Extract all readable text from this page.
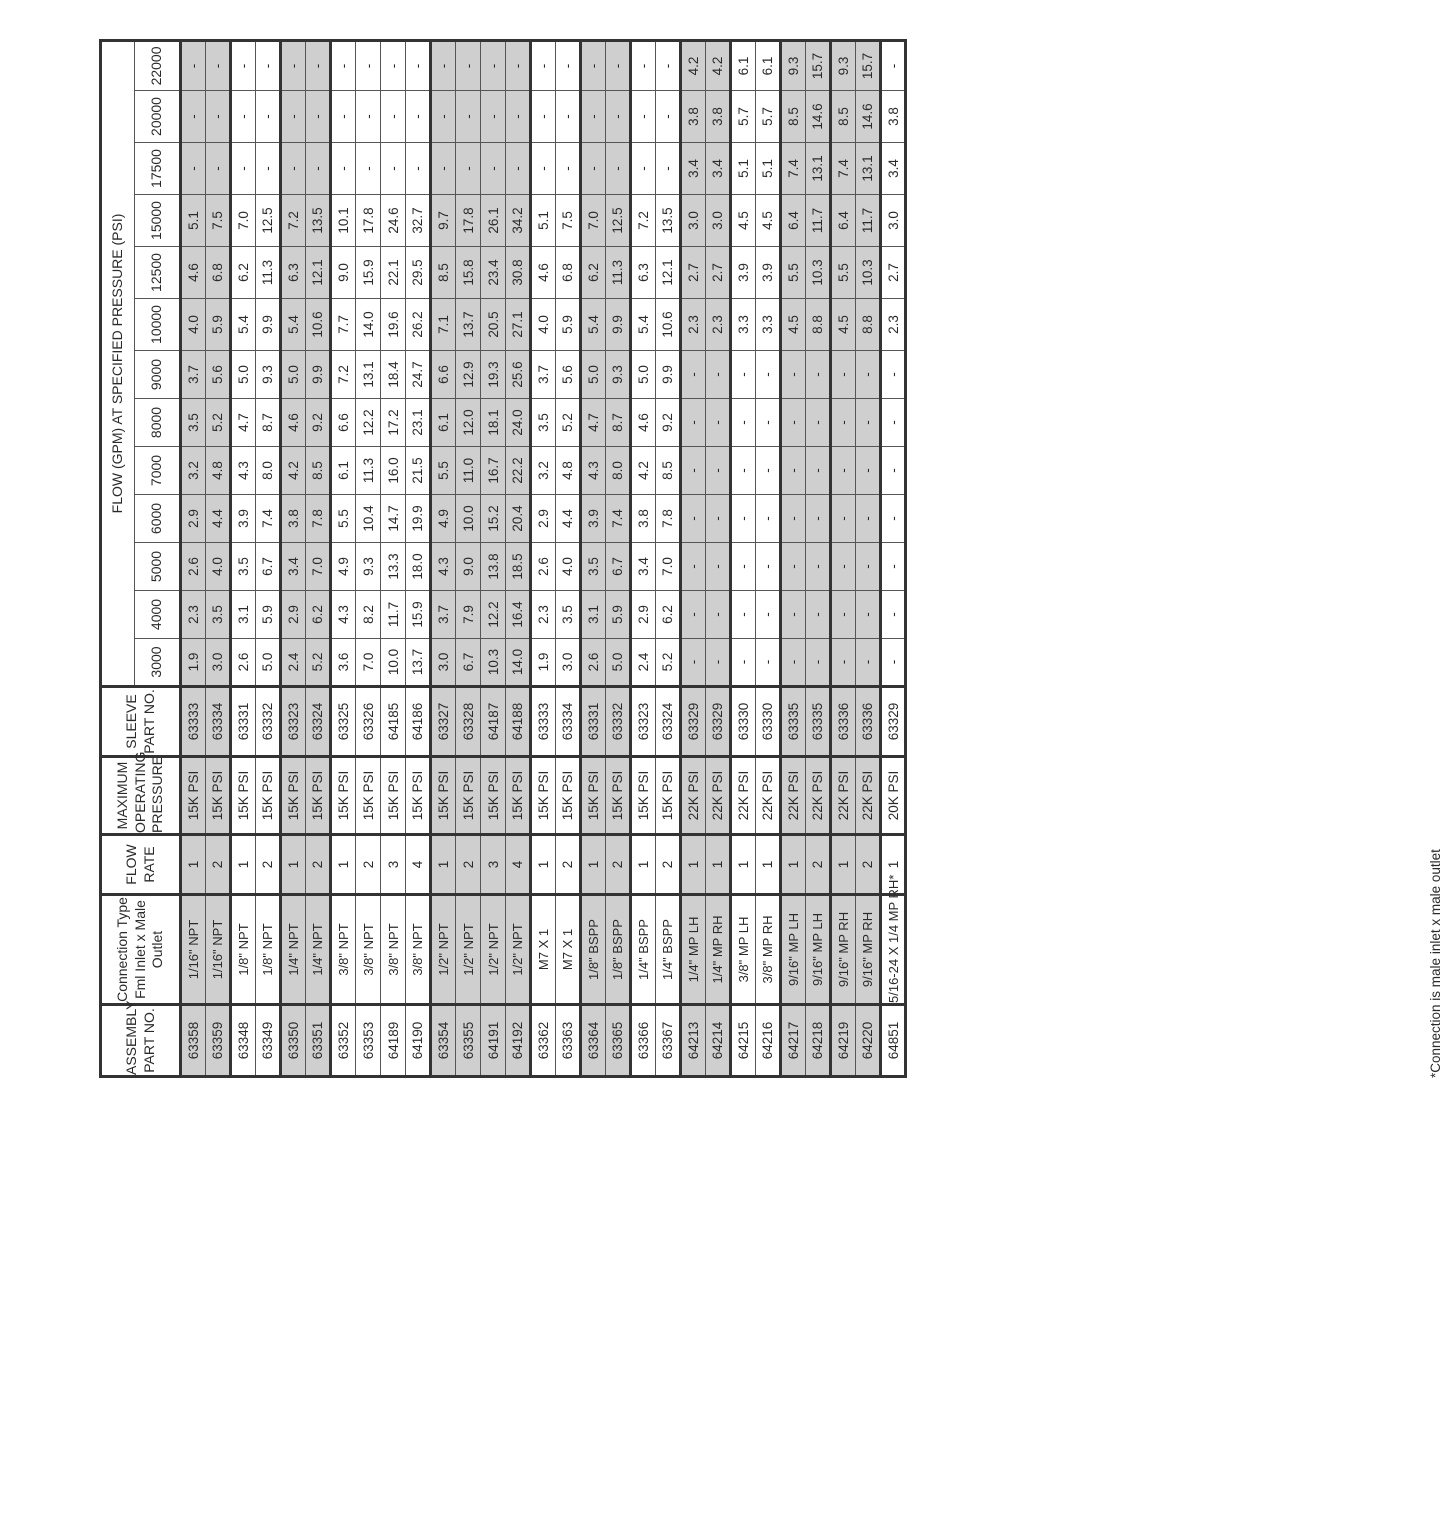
ASSEMBLY PART NO.	Connection Type Fml Inlet x Male Outlet	FLOW RATE	MAXIMUM OPERATING PRESSURE	SLEEVE PART NO.	FLOW (GPM) AT SPECIFIED PRESSURE (PSI)												
					3000	4000	5000	6000	7000	8000	9000	10000	12500	15000	17500	20000	22000
63358	1/16" NPT	1	15K PSI	63333	1.9	2.3	2.6	2.9	3.2	3.5	3.7	4.0	4.6	5.1	-	-	-
63359	1/16" NPT	2	15K PSI	63334	3.0	3.5	4.0	4.4	4.8	5.2	5.6	5.9	6.8	7.5	-	-	-
63348	1/8" NPT	1	15K PSI	63331	2.6	3.1	3.5	3.9	4.3	4.7	5.0	5.4	6.2	7.0	-	-	-
63349	1/8" NPT	2	15K PSI	63332	5.0	5.9	6.7	7.4	8.0	8.7	9.3	9.9	11.3	12.5	-	-	-
63350	1/4" NPT	1	15K PSI	63323	2.4	2.9	3.4	3.8	4.2	4.6	5.0	5.4	6.3	7.2	-	-	-
63351	1/4" NPT	2	15K PSI	63324	5.2	6.2	7.0	7.8	8.5	9.2	9.9	10.6	12.1	13.5	-	-	-
63352	3/8" NPT	1	15K PSI	63325	3.6	4.3	4.9	5.5	6.1	6.6	7.2	7.7	9.0	10.1	-	-	-
63353	3/8" NPT	2	15K PSI	63326	7.0	8.2	9.3	10.4	11.3	12.2	13.1	14.0	15.9	17.8	-	-	-
64189	3/8" NPT	3	15K PSI	64185	10.0	11.7	13.3	14.7	16.0	17.2	18.4	19.6	22.1	24.6	-	-	-
64190	3/8" NPT	4	15K PSI	64186	13.7	15.9	18.0	19.9	21.5	23.1	24.7	26.2	29.5	32.7	-	-	-
63354	1/2" NPT	1	15K PSI	63327	3.0	3.7	4.3	4.9	5.5	6.1	6.6	7.1	8.5	9.7	-	-	-
63355	1/2" NPT	2	15K PSI	63328	6.7	7.9	9.0	10.0	11.0	12.0	12.9	13.7	15.8	17.8	-	-	-
64191	1/2" NPT	3	15K PSI	64187	10.3	12.2	13.8	15.2	16.7	18.1	19.3	20.5	23.4	26.1	-	-	-
64192	1/2" NPT	4	15K PSI	64188	14.0	16.4	18.5	20.4	22.2	24.0	25.6	27.1	30.8	34.2	-	-	-
63362	M7 X 1	1	15K PSI	63333	1.9	2.3	2.6	2.9	3.2	3.5	3.7	4.0	4.6	5.1	-	-	-
63363	M7 X 1	2	15K PSI	63334	3.0	3.5	4.0	4.4	4.8	5.2	5.6	5.9	6.8	7.5	-	-	-
63364	1/8" BSPP	1	15K PSI	63331	2.6	3.1	3.5	3.9	4.3	4.7	5.0	5.4	6.2	7.0	-	-	-
63365	1/8" BSPP	2	15K PSI	63332	5.0	5.9	6.7	7.4	8.0	8.7	9.3	9.9	11.3	12.5	-	-	-
63366	1/4" BSPP	1	15K PSI	63323	2.4	2.9	3.4	3.8	4.2	4.6	5.0	5.4	6.3	7.2	-	-	-
63367	1/4" BSPP	2	15K PSI	63324	5.2	6.2	7.0	7.8	8.5	9.2	9.9	10.6	12.1	13.5	-	-	-
64213	1/4" MP LH	1	22K PSI	63329	-	-	-	-	-	-	-	2.3	2.7	3.0	3.4	3.8	4.2
64214	1/4" MP RH	1	22K PSI	63329	-	-	-	-	-	-	-	2.3	2.7	3.0	3.4	3.8	4.2
64215	3/8" MP LH	1	22K PSI	63330	-	-	-	-	-	-	-	3.3	3.9	4.5	5.1	5.7	6.1
64216	3/8" MP RH	1	22K PSI	63330	-	-	-	-	-	-	-	3.3	3.9	4.5	5.1	5.7	6.1
64217	9/16" MP LH	1	22K PSI	63335	-	-	-	-	-	-	-	4.5	5.5	6.4	7.4	8.5	9.3
64218	9/16" MP LH	2	22K PSI	63335	-	-	-	-	-	-	-	8.8	10.3	11.7	13.1	14.6	15.7
64219	9/16" MP RH	1	22K PSI	63336	-	-	-	-	-	-	-	4.5	5.5	6.4	7.4	8.5	9.3
64220	9/16" MP RH	2	22K PSI	63336	-	-	-	-	-	-	-	8.8	10.3	11.7	13.1	14.6	15.7
64851	5/16-24 X 1/4 MP RH*	1	20K PSI	63329	-	-	-	-	-	-	-	2.3	2.7	3.0	3.4	3.8	-
*Connection is male inlet x male outlet
